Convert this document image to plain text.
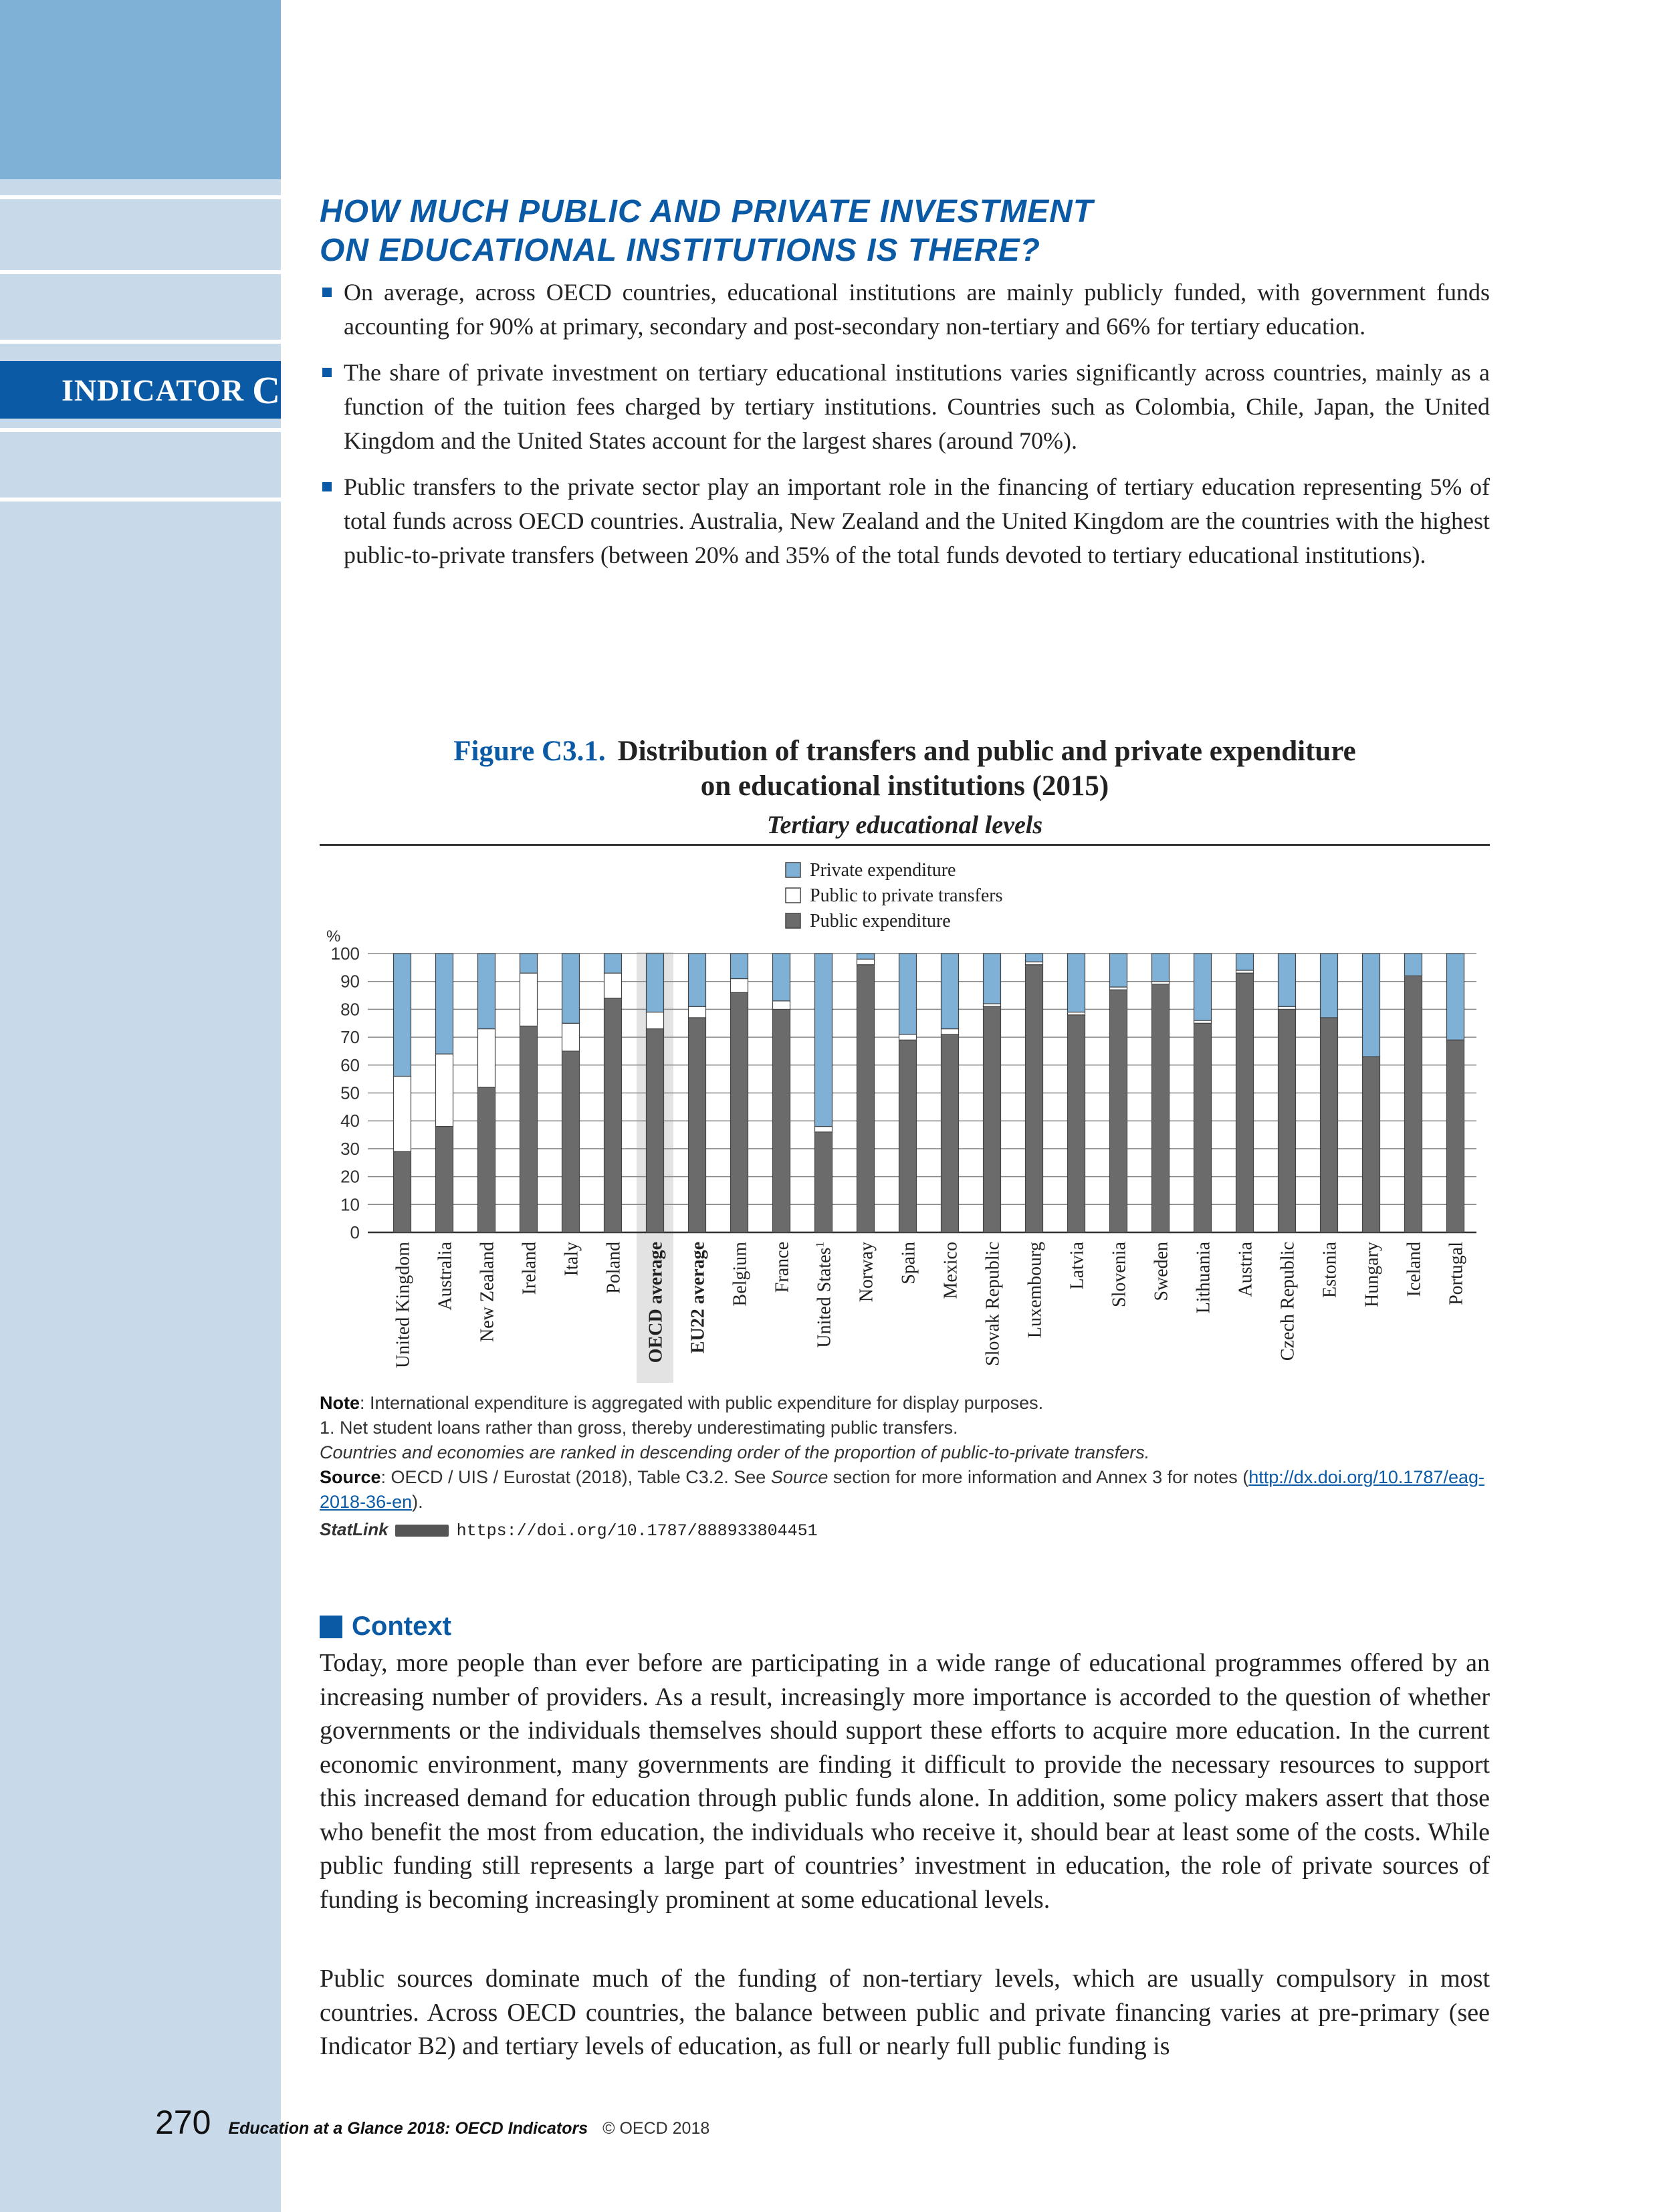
INDICATOR C3
HOW MUCH PUBLIC AND PRIVATE INVESTMENT
ON EDUCATIONAL INSTITUTIONS IS THERE?
On average, across OECD countries, educational institutions are mainly publicly funded, with government funds accounting for 90% at primary, secondary and post-secondary non-tertiary and 66% for tertiary education.
The share of private investment on tertiary educational institutions varies significantly across countries, mainly as a function of the tuition fees charged by tertiary institutions. Countries such as Colombia, Chile, Japan, the United Kingdom and the United States account for the largest shares (around 70%).
Public transfers to the private sector play an important role in the financing of tertiary education representing 5% of total funds across OECD countries. Australia, New Zealand and the United Kingdom are the countries with the highest public-to-private transfers (between 20% and 35% of the total funds devoted to tertiary educational institutions).
Figure C3.1. Distribution of transfers and public and private expenditure
on educational institutions (2015)
Tertiary educational levels
0
10
20
30
40
50
60
70
80
90
100
%
Private expenditure
Public to private transfers
Public expenditure
United Kingdom Australia New Zealand Ireland Italy Poland OECD average EU22 average Belgium France United States$^1$	Norway Spain Mexico Slovak Republic Luxembourg Latvia Slovenia Sweden Lithuania Austria Czech Republic Estonia Hungary Iceland Portugal
Note: International expenditure is aggregated with public expenditure for display purposes.
1. Net student loans rather than gross, thereby underestimating public transfers.
Countries and economies are ranked in descending order of the proportion of public-to-private transfers.
Source: OECD / UIS / Eurostat (2018), Table C3.2. See Source section for more information and Annex 3 for notes (http://dx.doi.org/10.1787/eag-2018-36-en).
StatLink	https://doi.org/10.1787/888933804451
Context
Today, more people than ever before are participating in a wide range of educational programmes offered by an increasing number of providers. As a result, increasingly more importance is accorded to the question of whether governments or the individuals themselves should support these efforts to acquire more education. In the current economic environment, many governments are finding it difficult to provide the necessary resources to support this increased demand for education through public funds alone. In addition, some policy makers assert that those who benefit the most from education, the individuals who receive it, should bear at least some of the costs. While public funding still represents a large part of countries’ investment in education, the role of private sources of funding is becoming increasingly prominent at some educational levels.
Public sources dominate much of the funding of non-tertiary levels, which are usually compulsory in most countries. Across OECD countries, the balance between public and private financing varies at pre-primary (see Indicator B2) and tertiary levels of education, as full or nearly full public funding is
270 Education at a Glance 2018: OECD Indicators © OECD 2018
